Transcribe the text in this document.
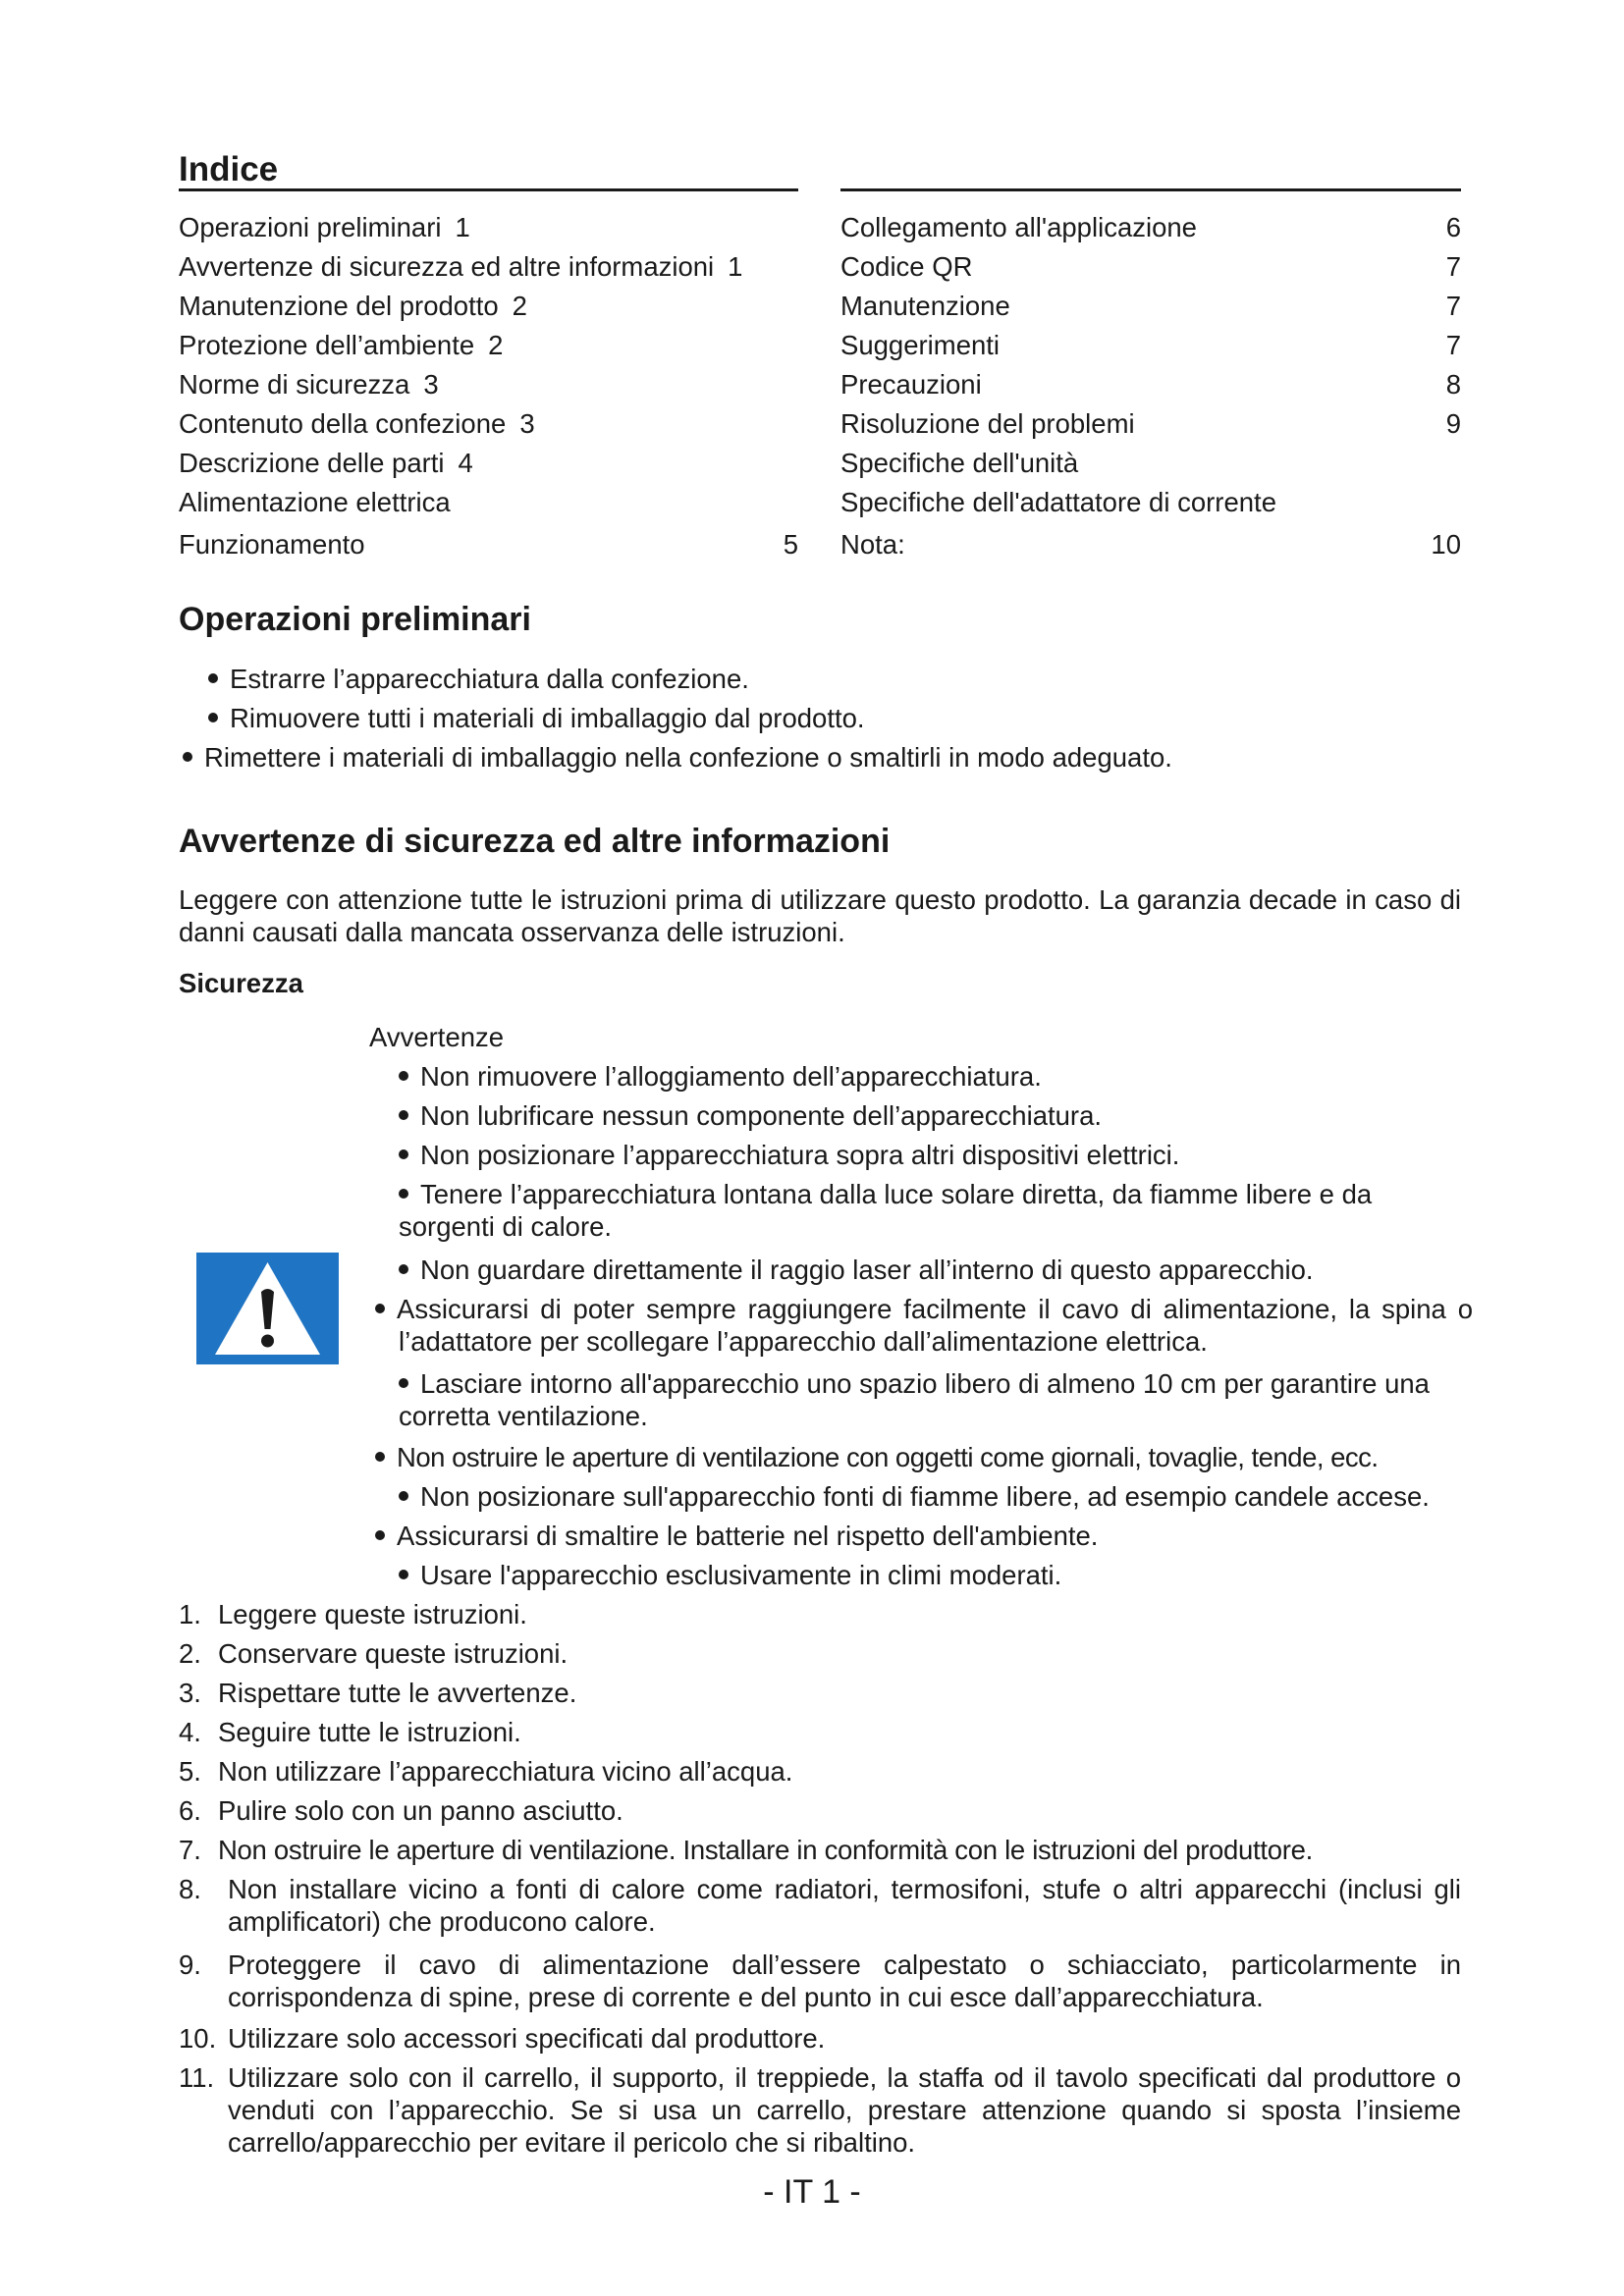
Indice
Operazioni preliminari 1
Avvertenze di sicurezza ed altre informazioni 1
Manutenzione del prodotto 2
Protezione dell’ambiente 2
Norme di sicurezza 3
Contenuto della confezione 3
Descrizione delle parti 4
Alimentazione elettrica
Funzionamento	5
Collegamento all'applicazione	6
Codice QR	7
Manutenzione	7
Suggerimenti	7
Precauzioni	8
Risoluzione del problemi	9
Specifiche dell'unità
Specifiche dell'adattatore di corrente
Nota:	10
Operazioni preliminari
Estrarre l’apparecchiatura dalla confezione.
Rimuovere tutti i materiali di imballaggio dal prodotto.
Rimettere i materiali di imballaggio nella confezione o smaltirli in modo adeguato.
Avvertenze di sicurezza ed altre informazioni
Leggere con attenzione tutte le istruzioni prima di utilizzare questo prodotto. La garanzia decade in caso di danni causati dalla mancata osservanza delle istruzioni.
Sicurezza
Avvertenze
Non rimuovere l’alloggiamento dell’apparecchiatura.
Non lubrificare nessun componente dell’apparecchiatura.
Non posizionare l’apparecchiatura sopra altri dispositivi elettrici.
Tenere l’apparecchiatura lontana dalla luce solare diretta, da fiamme libere e da sorgenti di calore.
Non guardare direttamente il raggio laser all’interno di questo apparecchio.
Assicurarsi di poter sempre raggiungere facilmente il cavo di alimentazione, la spina o l’adattatore per scollegare l’apparecchio dall’alimentazione elettrica.
Lasciare intorno all'apparecchio uno spazio libero di almeno 10 cm per garantire una corretta ventilazione.
Non ostruire le aperture di ventilazione con oggetti come giornali, tovaglie, tende, ecc.
Non posizionare sull'apparecchio fonti di fiamme libere, ad esempio candele accese.
Assicurarsi di smaltire le batterie nel rispetto dell'ambiente.
Usare l'apparecchio esclusivamente in climi moderati.
1. Leggere queste istruzioni.
2. Conservare queste istruzioni.
3. Rispettare tutte le avvertenze.
4. Seguire tutte le istruzioni.
5. Non utilizzare l’apparecchiatura vicino all’acqua.
6. Pulire solo con un panno asciutto.
7. Non ostruire le aperture di ventilazione. Installare in conformità con le istruzioni del produttore.
8. Non installare vicino a fonti di calore come radiatori, termosifoni, stufe o altri apparecchi (inclusi gli amplificatori) che producono calore.
9. Proteggere il cavo di alimentazione dall’essere calpestato o schiacciato, particolarmente in corrispondenza di spine, prese di corrente e del punto in cui esce dall’apparecchiatura.
10. Utilizzare solo accessori specificati dal produttore.
11. Utilizzare solo con il carrello, il supporto, il treppiede, la staffa od il tavolo specificati dal produttore o venduti con l’apparecchio. Se si usa un carrello, prestare attenzione quando si sposta l’insieme carrello/apparecchio per evitare il pericolo che si ribaltino.
- IT 1 -
